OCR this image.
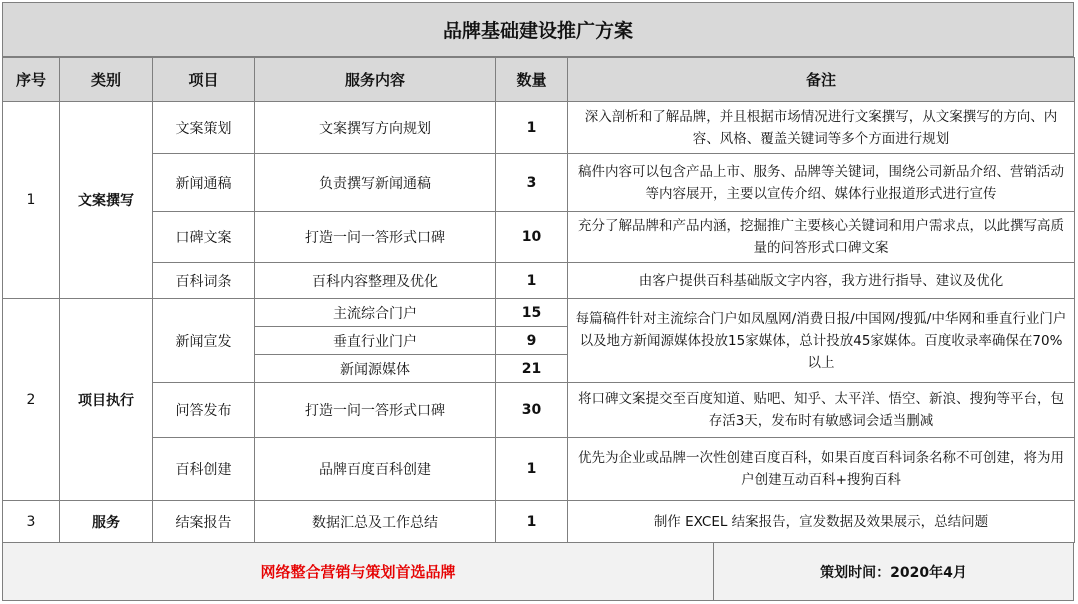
品牌基础建设推广方案
序号	类别	项目	服务内容	数量	备注
1	文案撰写	文案策划	文案撰写方向规划	1	深入剖析和了解品牌，并且根据市场情况进行文案撰写，从文案撰写的方向、内容、风格、覆盖关键词等多个方面进行规划
		新闻通稿	负责撰写新闻通稿	3	稿件内容可以包含产品上市、服务、品牌等关键词，围绕公司新品介绍、营销活动等内容展开，主要以宣传介绍、媒体行业报道形式进行宣传
		口碑文案	打造一问一答形式口碑	10	充分了解品牌和产品内涵，挖掘推广主要核心关键词和用户需求点，以此撰写高质量的问答形式口碑文案
		百科词条	百科内容整理及优化	1	由客户提供百科基础版文字内容，我方进行指导、建议及优化
2	项目执行	新闻宣发	主流综合门户	15	每篇稿件针对主流综合门户如凤凰网/消费日报/中国网/搜狐/中华网和垂直行业门户以及地方新闻源媒体投放15家媒体，总计投放45家媒体。百度收录率确保在70%以上
			垂直行业门户	9	
			新闻源媒体	21	
		问答发布	打造一问一答形式口碑	30	将口碑文案提交至百度知道、贴吧、知乎、太平洋、悟空、新浪、搜狗等平台，包存活3天，发布时有敏感词会适当删减
		百科创建	品牌百度百科创建	1	优先为企业或品牌一次性创建百度百科，如果百度百科词条名称不可创建，将为用户创建互动百科+搜狗百科
3	服务	结案报告	数据汇总及工作总结	1	制作 EXCEL 结案报告，宣发数据及效果展示，总结问题
网络整合营销与策划首选品牌	策划时间：2020年4月
